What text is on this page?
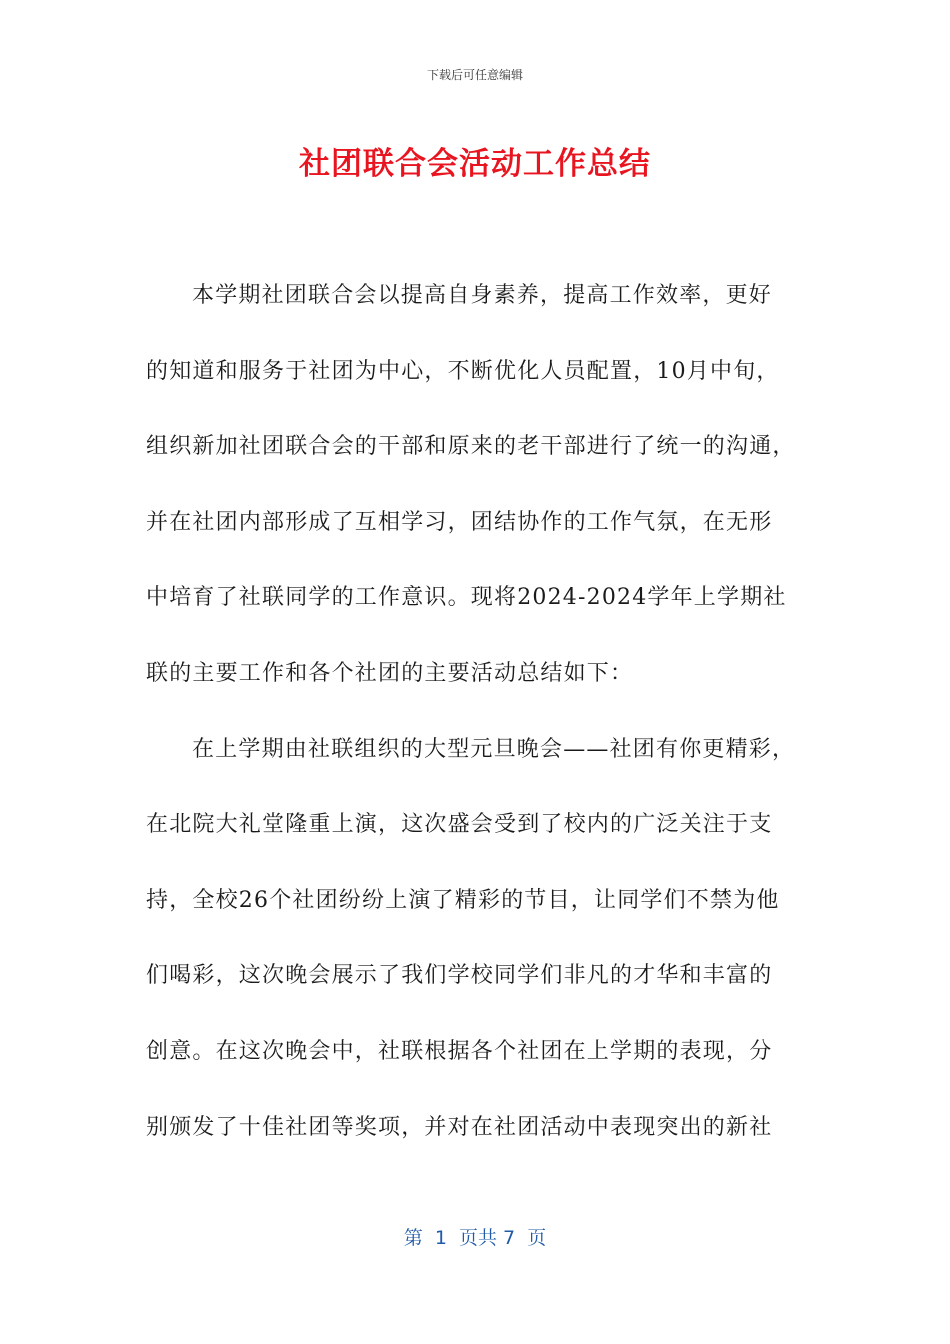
下载后可任意编辑
社团联合会活动工作总结
本学期社团联合会以提高自身素养，提高工作效率，更好
的知道和服务于社团为中心，不断优化人员配置，10月中旬，
组织新加社团联合会的干部和原来的老干部进行了统一的沟通，
并在社团内部形成了互相学习，团结协作的工作气氛，在无形
中培育了社联同学的工作意识。现将2024-2024学年上学期社
联的主要工作和各个社团的主要活动总结如下：
在上学期由社联组织的大型元旦晚会——社团有你更精彩，
在北院大礼堂隆重上演，这次盛会受到了校内的广泛关注于支
持，全校26个社团纷纷上演了精彩的节目，让同学们不禁为他
们喝彩，这次晚会展示了我们学校同学们非凡的才华和丰富的
创意。在这次晚会中，社联根据各个社团在上学期的表现，分
别颁发了十佳社团等奖项，并对在社团活动中表现突出的新社
第  1  页共 7  页
